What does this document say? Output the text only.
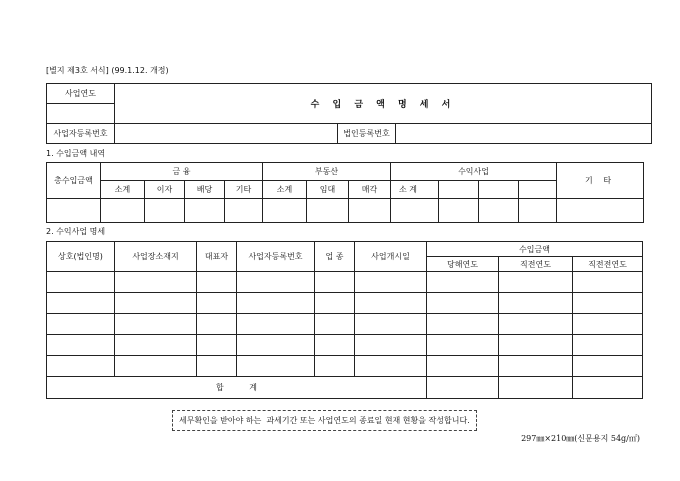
[별지 제3호 서식] (99.1.12. 개정)
사업연도	수 입 금 액 명 세 서		

사업자등록번호		법인등록번호	
1. 수입금액 내역
총수입금액	금 융				부동산			수익사업				기 타
	소계	이자	배당	기타	소계	임대	매각	소 계				

2. 수익사업 명세
상호(법인명)	사업장소재지	대표자	사업자등록번호	업 종	사업개시일	수입금액		
						당해연도	직전연도	직전전연도

합          계								
세무확인을 받아야 하는  과세기간 또는 사업연도의 종료일 현재 현황을 작성합니다.
297㎜×210㎜(신문용지 54g/㎡)
